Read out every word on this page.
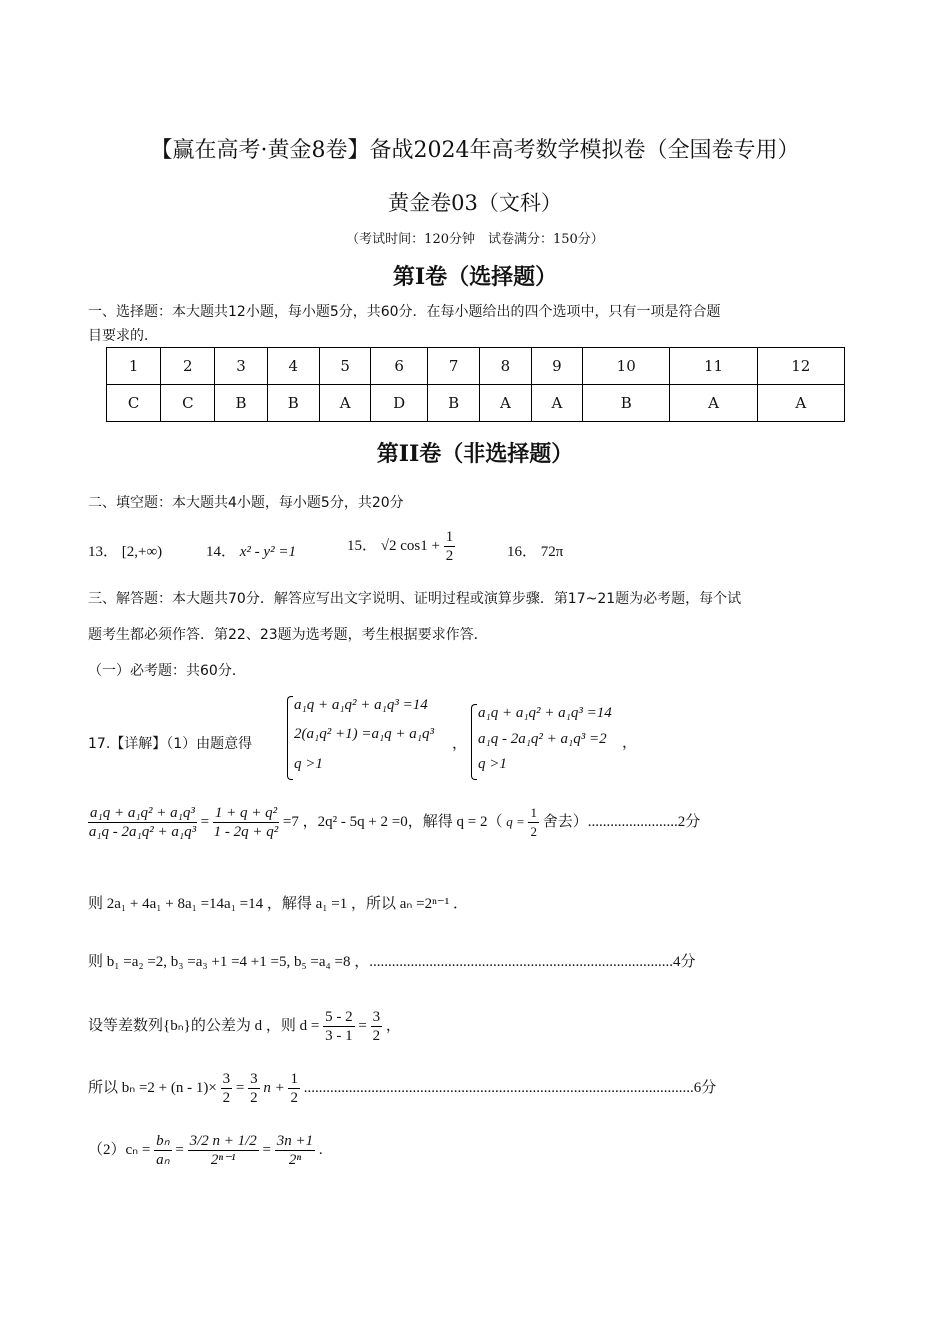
【赢在高考·黄金8卷】备战2024年高考数学模拟卷（全国卷专用）
黄金卷03（文科）
（考试时间：120分钟　试卷满分：150分）
第I卷（选择题）
一、选择题：本大题共12小题，每小题5分，共60分．在每小题给出的四个选项中，只有一项是符合题
目要求的．
1	2	3	4	5	6	7	8	9	10	11	12
C	C	B	B	A	D	B	A	A	B	A	A
第II卷（非选择题）
二、填空题：本大题共4小题，每小题5分，共20分
13． [2,+∞)	14． x² - y² =1	15． √2 $\cos 1 + \frac{1}{2}$	16． 72π
三、解答题：本大题共70分．解答应写出文字说明、证明过程或演算步骤．第17~21题为必考题，每个试
题考生都必须作答．第22、23题为选考题，考生根据要求作答．
（一）必考题：共60分．
17.【详解】（1）由题意得
a₁q + a₁q² + a₁q³ =14
2(a₁q² +1) =a₁q + a₁q³
q >1
，
a₁q + a₁q² + a₁q³ =14
a₁q - 2a₁q² + a₁q³ =2
q >1
，
$\frac{\text{a₁q + a₁q² + a₁q³}}{\text{a₁q - 2a₁q² + a₁q³}} = \frac{\text{1 + q + q²}}{\text{1 - 2q + q²}} =7$ ，2q² - 5q + 2 =0，解得 q = 2（ $q = \frac{1}{2}$ 舍去）........................2分
则 2a₁ + 4a₁ + 8a₁ =14a₁ =14 ，解得 a₁ =1 ，所以 aₙ =2ⁿ⁻¹ ．
则 b₁ =a₂ =2, b₃ =a₃ +1 =4 +1 =5, b₅ =a₄ =8 ，.................................................................................4分
设等差数列{bₙ}的公差为 d ，则 $d = \frac{5 - 2}{3 - 1} = \frac{3}{2}$ ，
所以 $b_n =2 + (n - 1)\times \frac{3}{2} = \frac{3}{2}$ $n + \frac{1}{2} ........................................................................................................6$分
$(2)c_n = \frac{\text{bₙ}}{\text{aₙ}} = \frac{3/2 n + 1/2}{\text{2ⁿ⁻¹}} = \frac{3n +1}{\text{2ⁿ}}$ .
